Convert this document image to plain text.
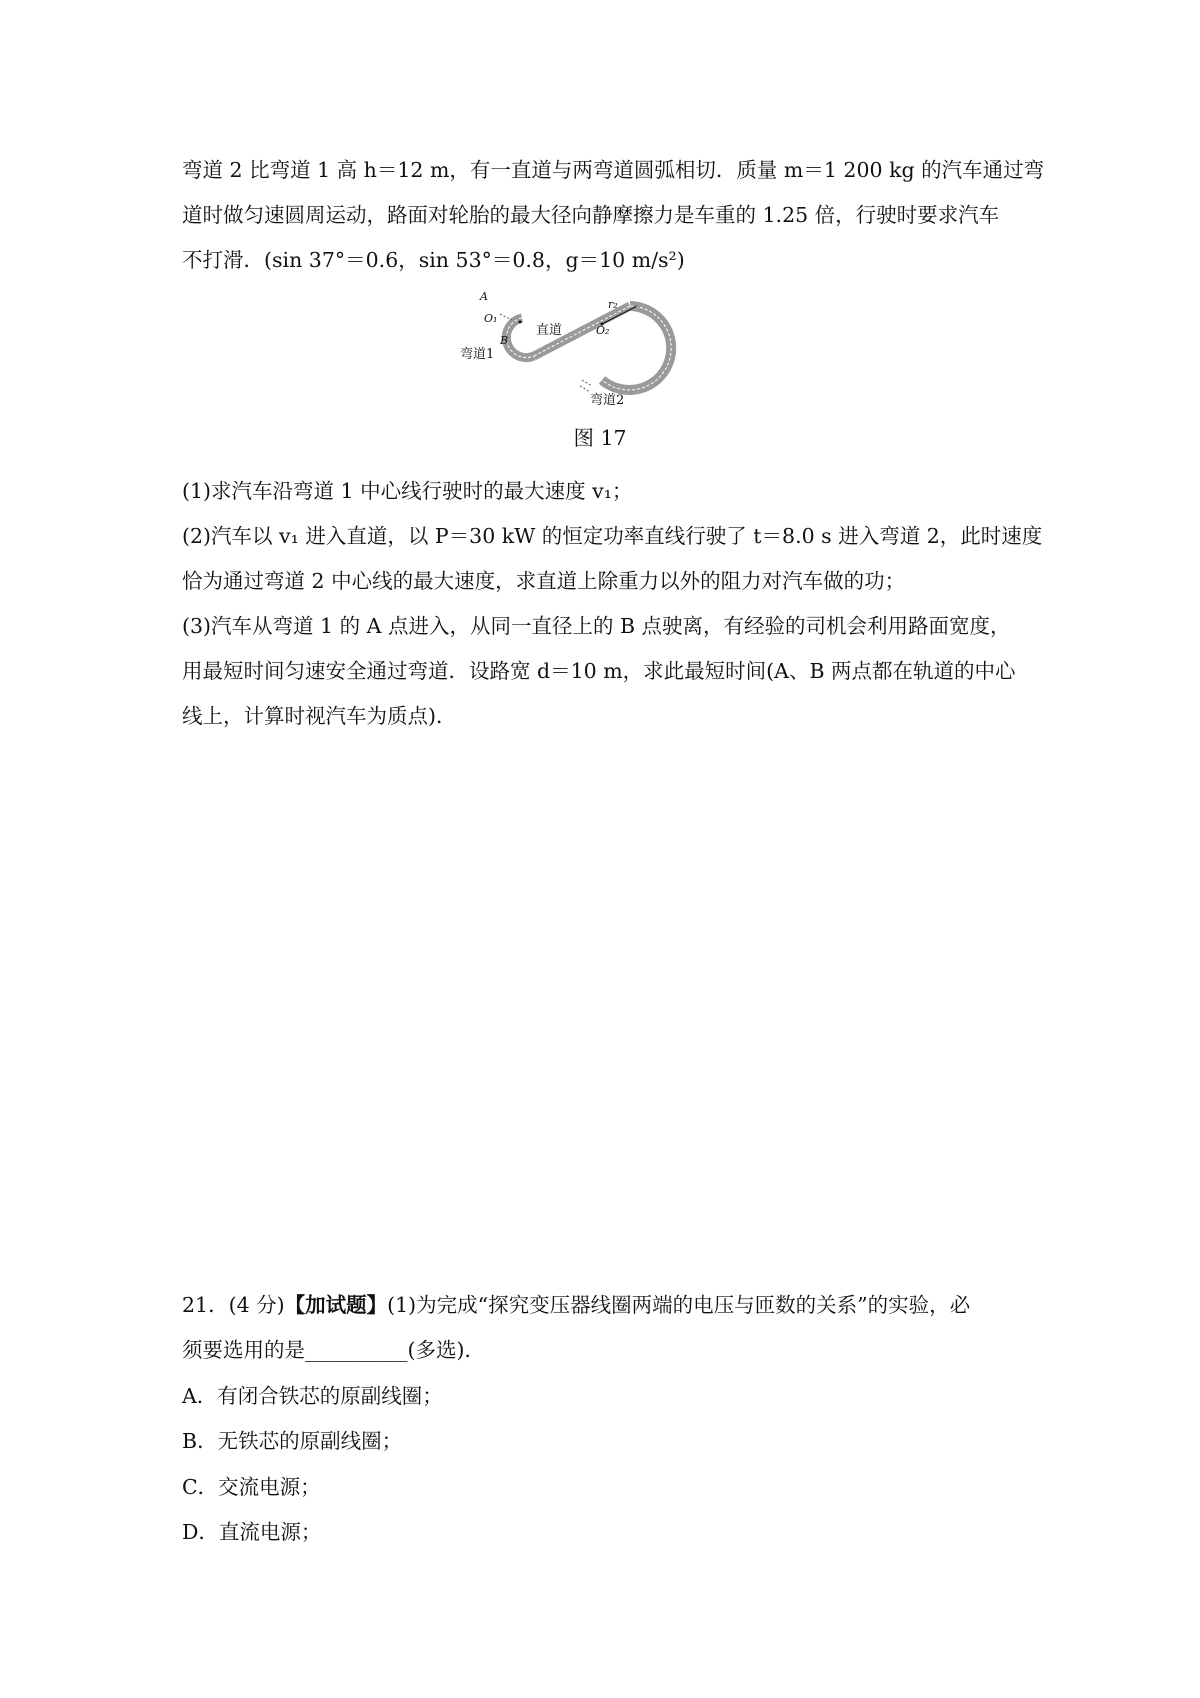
弯道 2 比弯道 1 高 h＝12 m，有一直道与两弯道圆弧相切．质量 m＝1 200 kg 的汽车通过弯
道时做匀速圆周运动，路面对轮胎的最大径向静摩擦力是车重的 1.25 倍，行驶时要求汽车
不打滑．(sin 37°＝0.6，sin 53°＝0.8，g＝10 m/s²)
A
B
O₁
O₂
r₂
直道
弯道1
弯道2
图 17
(1)求汽车沿弯道 1 中心线行驶时的最大速度 v₁；
(2)汽车以 v₁ 进入直道，以 P＝30 kW 的恒定功率直线行驶了 t＝8.0 s 进入弯道 2，此时速度
恰为通过弯道 2 中心线的最大速度，求直道上除重力以外的阻力对汽车做的功；
(3)汽车从弯道 1 的 A 点进入，从同一直径上的 B 点驶离，有经验的司机会利用路面宽度，
用最短时间匀速安全通过弯道．设路宽 d＝10 m，求此最短时间(A、B 两点都在轨道的中心
线上，计算时视汽车为质点)．
21．(4 分)【加试题】(1)为完成“探究变压器线圈两端的电压与匝数的关系”的实验，必
须要选用的是__________(多选)．
A．有闭合铁芯的原副线圈；
B．无铁芯的原副线圈；
C．交流电源；
D．直流电源；
